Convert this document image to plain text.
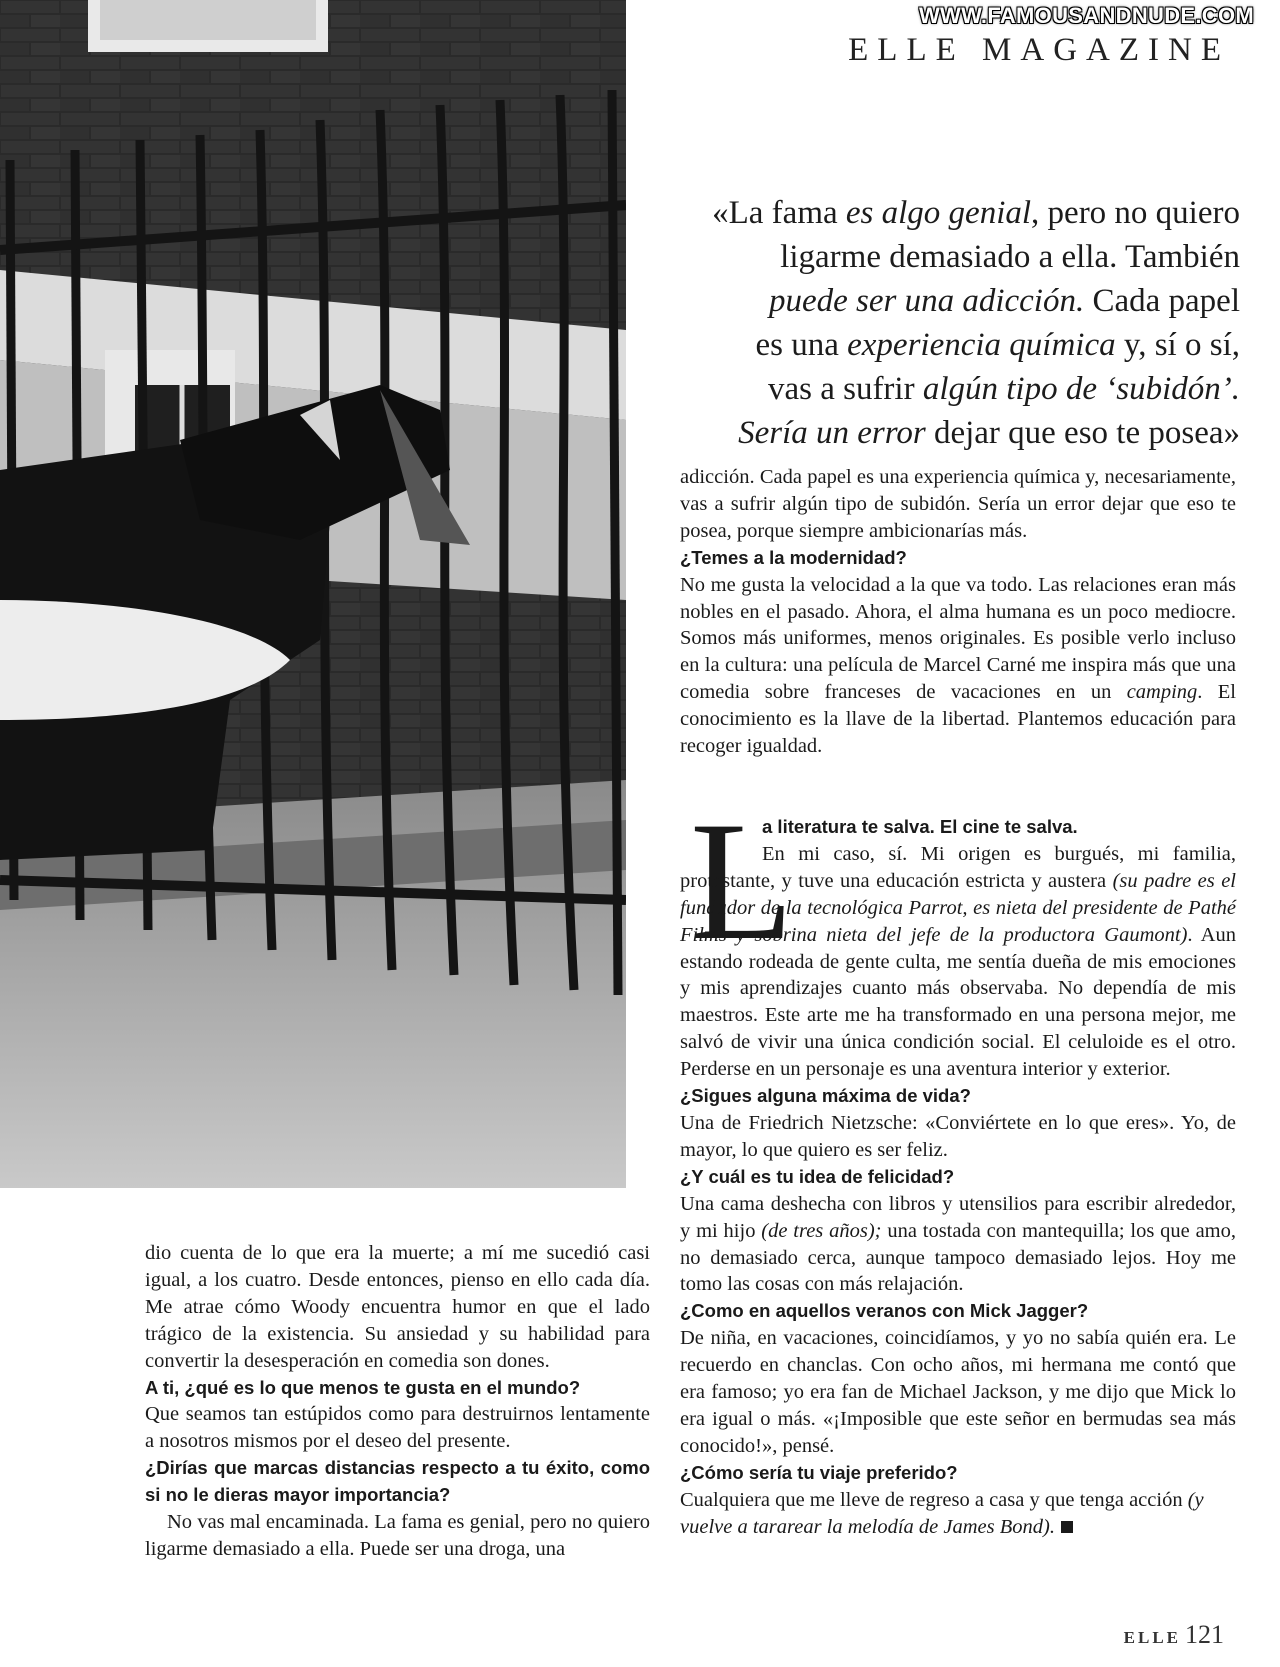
WWW.FAMOUSANDNUDE.COM
ELLE MAGAZINE
«La fama es algo genial, pero no quiero
ligarme demasiado a ella. También
puede ser una adicción. Cada papel
es una experiencia química y, sí o sí,
vas a sufrir algún tipo de ‘subidón’.
Sería un error dejar que eso te posea»

adicción. Cada papel es una experiencia química y, necesariamente, vas a sufrir algún tipo de subidón. Sería un error dejar que eso te posea, porque siempre ambicionarías más.

¿Temes a la modernidad?

No me gusta la velocidad a la que va todo. Las relaciones eran más nobles en el pasado. Ahora, el alma humana es un poco mediocre. Somos más uniformes, menos originales. Es posible verlo incluso en la cultura: una película de Marcel Carné me inspira más que una comedia sobre franceses de vacaciones en un camping. El conocimiento es la llave de la libertad. Plantemos educación para recoger igualdad.

L

a literatura te salva. El cine te salva.

En mi caso, sí. Mi origen es burgués, mi familia, protestante, y tuve una educación estricta y austera (su padre es el fundador de la tecnológica Parrot, es nieta del presidente de Pathé Films y sobrina nieta del jefe de la productora Gaumont). Aun estando rodeada de gente culta, me sentía dueña de mis emociones y mis aprendizajes cuanto más observaba. No dependía de mis maestros. Este arte me ha transformado en una persona mejor, me salvó de vivir una única condición social. El celuloide es el otro. Perderse en un personaje es una aventura interior y exterior.

¿Sigues alguna máxima de vida?

Una de Friedrich Nietzsche: «Conviértete en lo que eres». Yo, de mayor, lo que quiero es ser feliz.

¿Y cuál es tu idea de felicidad?

Una cama deshecha con libros y utensilios para escribir alrededor, y mi hijo (de tres años); una tostada con mantequilla; los que amo, no demasiado cerca, aunque tampoco demasiado lejos. Hoy me tomo las cosas con más relajación.

¿Como en aquellos veranos con Mick Jagger?

De niña, en vacaciones, coincidíamos, y yo no sabía quién era. Le recuerdo en chanclas. Con ocho años, mi hermana me contó que era famoso; yo era fan de Michael Jackson, y me dijo que Mick lo era igual o más. «¡Imposible que este señor en bermudas sea más conocido!», pensé.

¿Cómo sería tu viaje preferido?

Cualquiera que me lleve de regreso a casa y que tenga acción (y vuelve a tararear la melodía de James Bond).

dio cuenta de lo que era la muerte; a mí me sucedió casi igual, a los cuatro. Desde entonces, pienso en ello cada día. Me atrae cómo Woody encuentra humor en que el lado trágico de la existencia. Su ansiedad y su habilidad para convertir la desesperación en comedia son dones.

A ti, ¿qué es lo que menos te gusta en el mundo?

Que seamos tan estúpidos como para destruirnos lentamente a nosotros mismos por el deseo del presente.

¿Dirías que marcas distancias respecto a tu éxito, como si no le dieras mayor importancia?

No vas mal encaminada. La fama es genial, pero no quiero ligarme demasiado a ella. Puede ser una droga, una

ELLE 121
